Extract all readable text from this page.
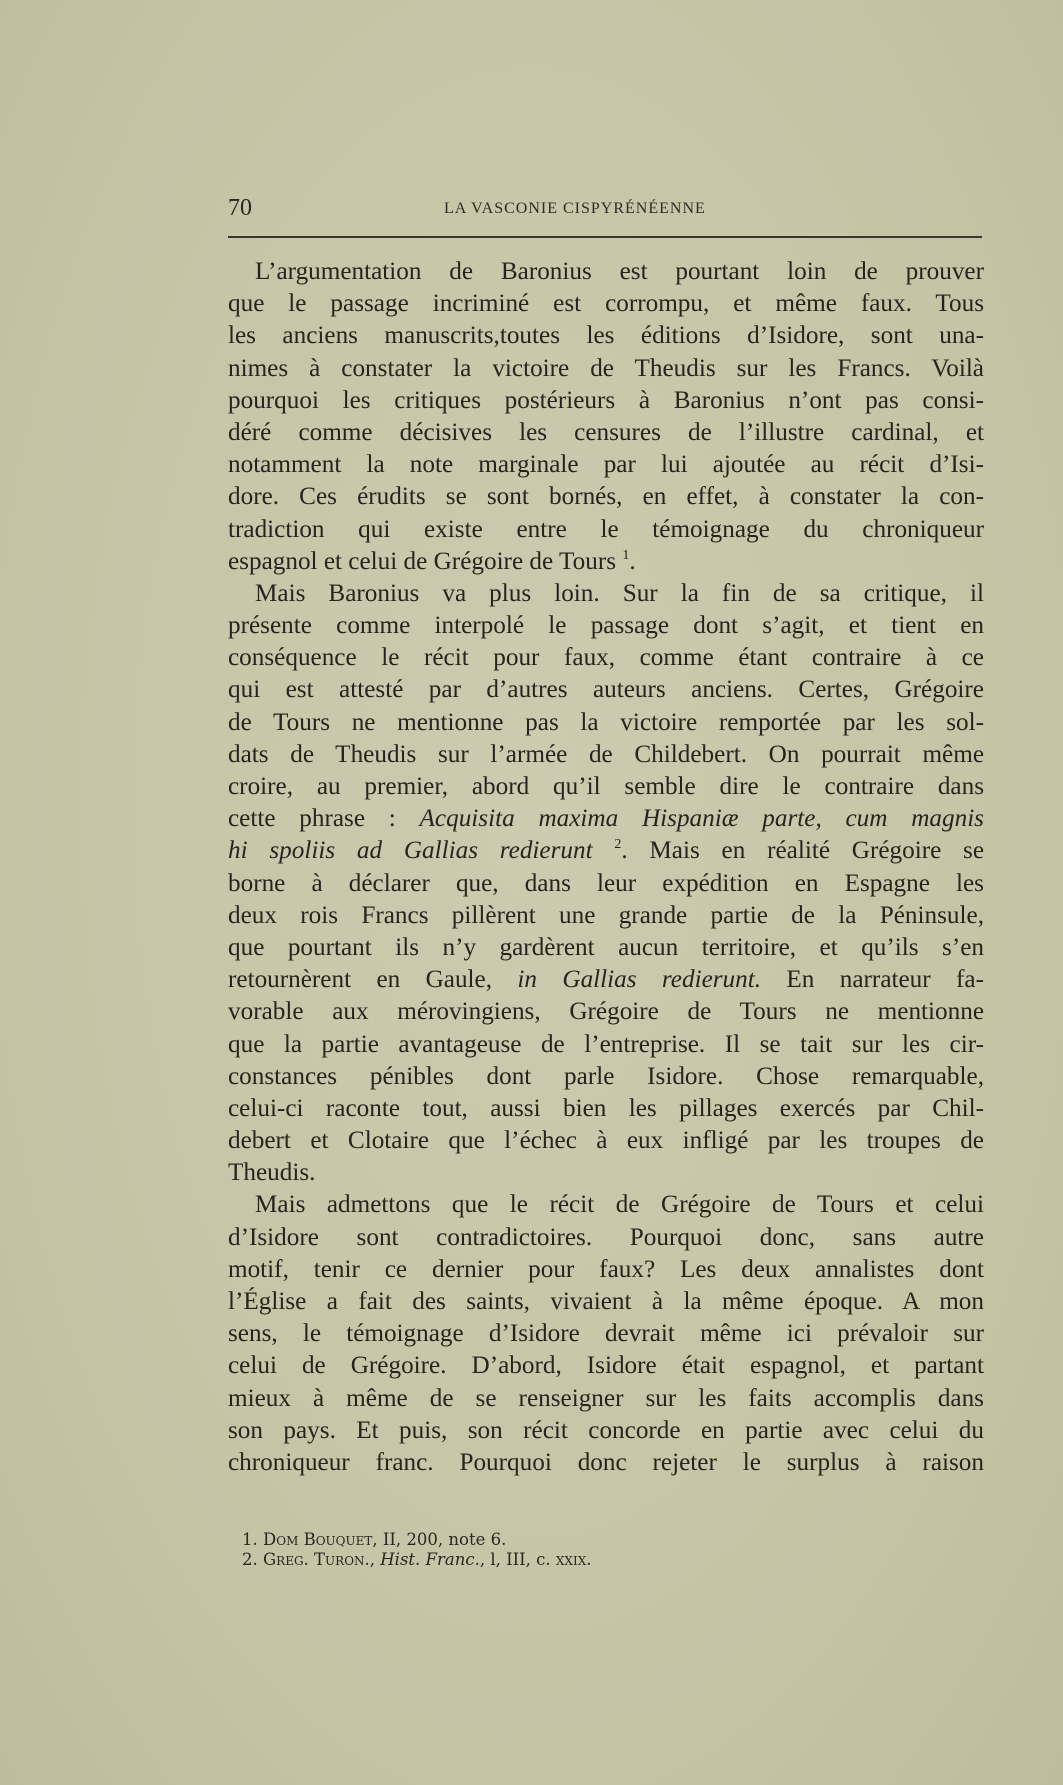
70	LA VASCONIE CISPYRÉNÉENNE
L’argumentation de Baronius est pourtant loin de prouver
que le passage incriminé est corrompu, et même faux. Tous
les anciens manuscrits,toutes les éditions d’Isidore, sont una-
nimes à constater la victoire de Theudis sur les Francs. Voilà
pourquoi les critiques postérieurs à Baronius n’ont pas consi-
déré comme décisives les censures de l’illustre cardinal, et
notamment la note marginale par lui ajoutée au récit d’Isi-
dore. Ces érudits se sont bornés, en effet, à constater la con-
tradiction qui existe entre le témoignage du chroniqueur
espagnol et celui de Grégoire de Tours $^1$.
Mais Baronius va plus loin. Sur la fin de sa critique, il
présente comme interpolé le passage dont s’agit, et tient en
conséquence le récit pour faux, comme étant contraire à ce
qui est attesté par d’autres auteurs anciens. Certes, Grégoire
de Tours ne mentionne pas la victoire remportée par les sol-
dats de Theudis sur l’armée de Childebert. On pourrait même
croire, au premier, abord qu’il semble dire le contraire dans
cette phrase : Acquisita maxima Hispaniæ parte, cum magnis
hi spoliis ad Gallias redierunt $^2$. Mais en réalité Grégoire se
borne à déclarer que, dans leur expédition en Espagne les
deux rois Francs pillèrent une grande partie de la Péninsule,
que pourtant ils n’y gardèrent aucun territoire, et qu’ils s’en
retournèrent en Gaule, in Gallias redierunt. En narrateur fa-
vorable aux mérovingiens, Grégoire de Tours ne mentionne
que la partie avantageuse de l’entreprise. Il se tait sur les cir-
constances pénibles dont parle Isidore. Chose remarquable,
celui-ci raconte tout, aussi bien les pillages exercés par Chil-
debert et Clotaire que l’échec à eux infligé par les troupes de
Theudis.
Mais admettons que le récit de Grégoire de Tours et celui
d’Isidore sont contradictoires. Pourquoi donc, sans autre
motif, tenir ce dernier pour faux? Les deux annalistes dont
l’Église a fait des saints, vivaient à la même époque. A mon
sens, le témoignage d’Isidore devrait même ici prévaloir sur
celui de Grégoire. D’abord, Isidore était espagnol, et partant
mieux à même de se renseigner sur les faits accomplis dans
son pays. Et puis, son récit concorde en partie avec celui du
chroniqueur franc. Pourquoi donc rejeter le surplus à raison
1. Dom Bouquet, II, 200, note 6.
2. Greg. Turon., Hist. Franc., l, III, c. xxix.
